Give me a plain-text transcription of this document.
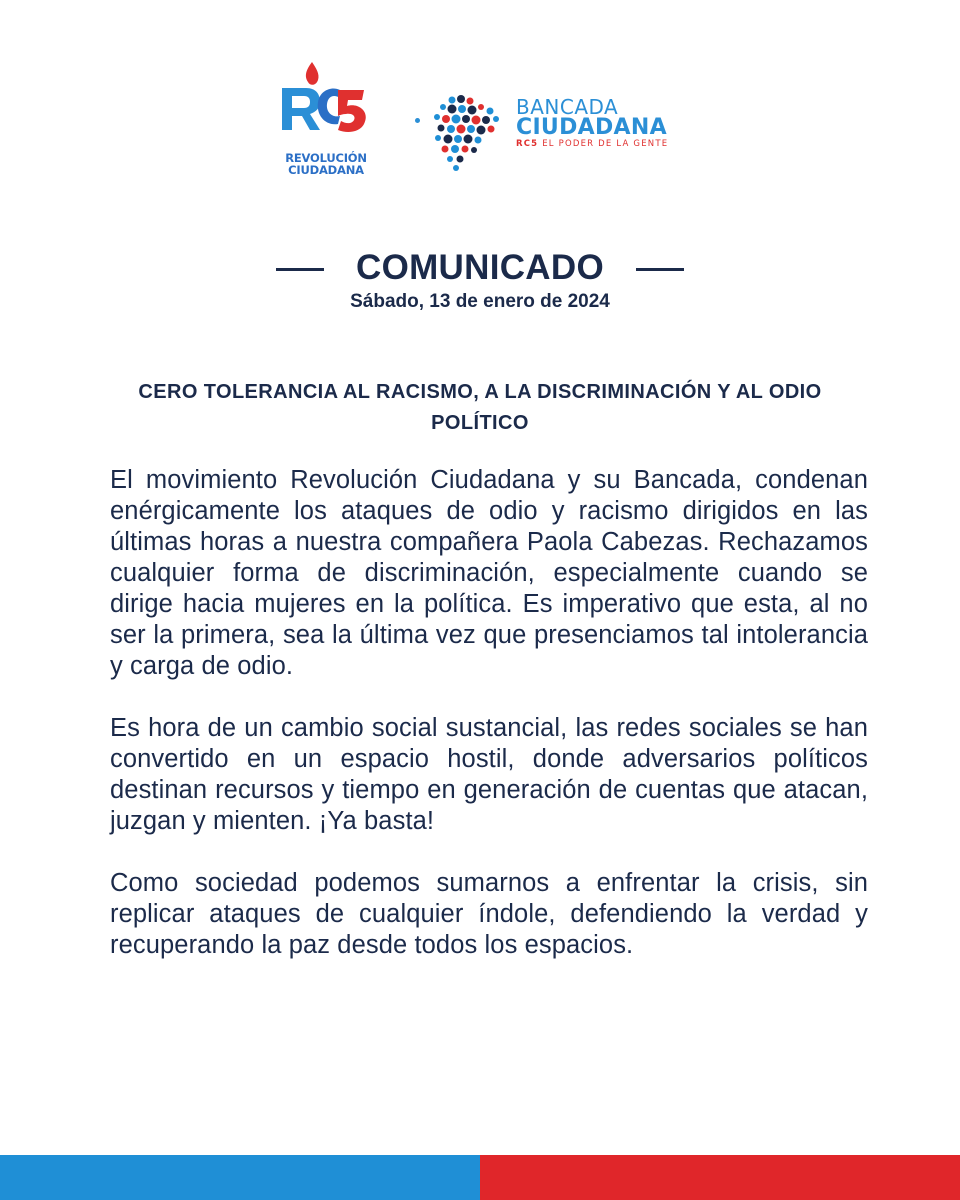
REVOLUCIÓN
CIUDADANA
BANCADA
CIUDADANA
RC5 EL PODER DE LA GENTE
COMUNICADO
Sábado, 13 de enero de 2024
CERO TOLERANCIA AL RACISMO, A LA DISCRIMINACIÓN Y AL ODIO POLÍTICO

El movimiento Revolución Ciudadana y su Bancada, condenan enérgicamente los ataques de odio y racismo dirigidos en las últimas horas a nuestra compañera Paola Cabezas. Rechazamos cualquier forma de discriminación, especialmente cuando se dirige hacia mujeres en la política. Es imperativo que esta, al no ser la primera, sea la última vez que presenciamos tal intolerancia y carga de odio.

Es hora de un cambio social sustancial, las redes sociales se han convertido en un espacio hostil, donde adversarios políticos destinan recursos y tiempo en generación de cuentas que atacan, juzgan y mienten. ¡Ya basta!

Como sociedad podemos sumarnos a enfrentar la crisis, sin replicar ataques de cualquier índole, defendiendo la verdad y recuperando la paz desde todos los espacios.
